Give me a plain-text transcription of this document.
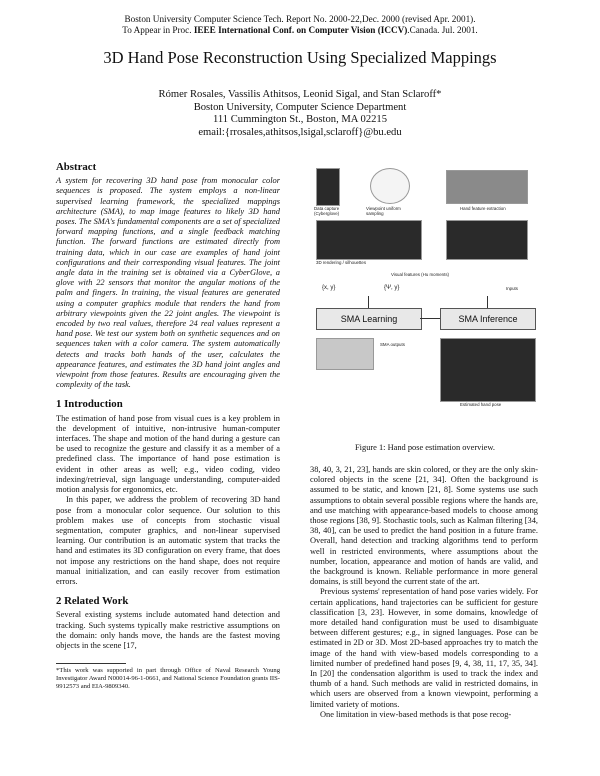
Boston University Computer Science Tech. Report No. 2000-22,Dec. 2000 (revised Apr. 2001).
To Appear in Proc. IEEE International Conf. on Computer Vision (ICCV).Canada. Jul. 2001.
3D Hand Pose Reconstruction Using Specialized Mappings
Rómer Rosales, Vassilis Athitsos, Leonid Sigal, and Stan Sclaroff*
Boston University, Computer Science Department
111 Cummington St., Boston, MA 02215
email:{rrosales,athitsos,lsigal,sclaroff}@bu.edu
Abstract

A system for recovering 3D hand pose from monocular color sequences is proposed. The system employs a non-linear supervised learning framework, the specialized mappings architecture (SMA), to map image features to likely 3D hand poses. The SMA's fundamental components are a set of specialized forward mapping functions, and a single feedback matching function. The forward functions are estimated directly from training data, which in our case are examples of hand joint configurations and their corresponding visual features. The joint angle data in the training set is obtained via a CyberGlove, a glove with 22 sensors that monitor the angular motions of the palm and fingers. In training, the visual features are generated using a computer graphics module that renders the hand from arbitrary viewpoints given the 22 joint angles. The viewpoint is encoded by two real values, therefore 24 real values represent a hand pose. We test our system both on synthetic sequences and on sequences taken with a color camera. The system automatically detects and tracks both hands of the user, calculates the appearance features, and estimates the 3D hand joint angles and viewpoint from those features. Results are encouraging given the complexity of the task.

1 Introduction

The estimation of hand pose from visual cues is a key problem in the development of intuitive, non-intrusive human-computer interfaces. The shape and motion of the hand during a gesture can be used to recognize the gesture and classify it as a member of a predefined class. The importance of hand pose estimation is evident in other areas as well; e.g., video coding, video indexing/retrieval, sign language understanding, computer-aided motion analysis for ergonomics, etc.

In this paper, we address the problem of recovering 3D hand pose from a monocular color sequence. Our solution to this problem makes use of concepts from stochastic visual segmentation, computer graphics, and non-linear supervised learning. Our contribution is an automatic system that tracks the hand and estimates its 3D configuration on every frame, that does not impose any restrictions on the hand shape, does not require manual initialization, and can easily recover from estimation errors.

2 Related Work

Several existing systems include automated hand detection and tracking. Such systems typically make restrictive assumptions on the domain: only hands move, the hands are the fastest moving objects in the scene [17,

*This work was supported in part through Office of Naval Research Young Investigator Award N00014-96-1-0661, and National Science Foundation grants IIS-9912573 and EIA-9809340.

Data capture (Cyberglove)
Viewpoint uniform sampling
Hand feature extraction
3D rendering / silhouettes
Visual features (Hu moments)
{x, y}	{Ψ, y}	Inputs
SMA Learning	SMA Inference
SMA outputs
Estimated hand pose
Figure 1: Hand pose estimation overview.

38, 40, 3, 21, 23], hands are skin colored, or they are the only skin-colored objects in the scene [21, 34]. Often the background is assumed to be static, and known [21, 8]. Some systems use such assumptions to obtain several possible regions where the hands are, and use matching with appearance-based models to choose among those regions [38, 9]. Stochastic tools, such as Kalman filtering [34, 38, 40], can be used to predict the hand position in a future frame. Overall, hand detection and tracking algorithms tend to perform well in restricted environments, where assumptions about the number, location, appearance and motion of hands are valid, and the background is known. Reliable performance in more general domains, is still beyond the current state of the art.

Previous systems' representation of hand pose varies widely. For certain applications, hand trajectories can be sufficient for gesture classification [3, 23]. However, in some domains, knowledge of more detailed hand configuration must be used to disambiguate between different gestures; e.g., in signed languages. Pose can be estimated in 2D or 3D. Most 2D-based approaches try to match the image of the hand with view-based models corresponding to a limited number of predefined hand poses [9, 4, 38, 11, 17, 35, 34]. In [20] the condensation algorithm is used to track the index and thumb of a hand. Such methods are valid in restricted domains, in which users are observed from a known viewpoint, performing a limited variety of motions.

One limitation in view-based methods is that pose recog-
